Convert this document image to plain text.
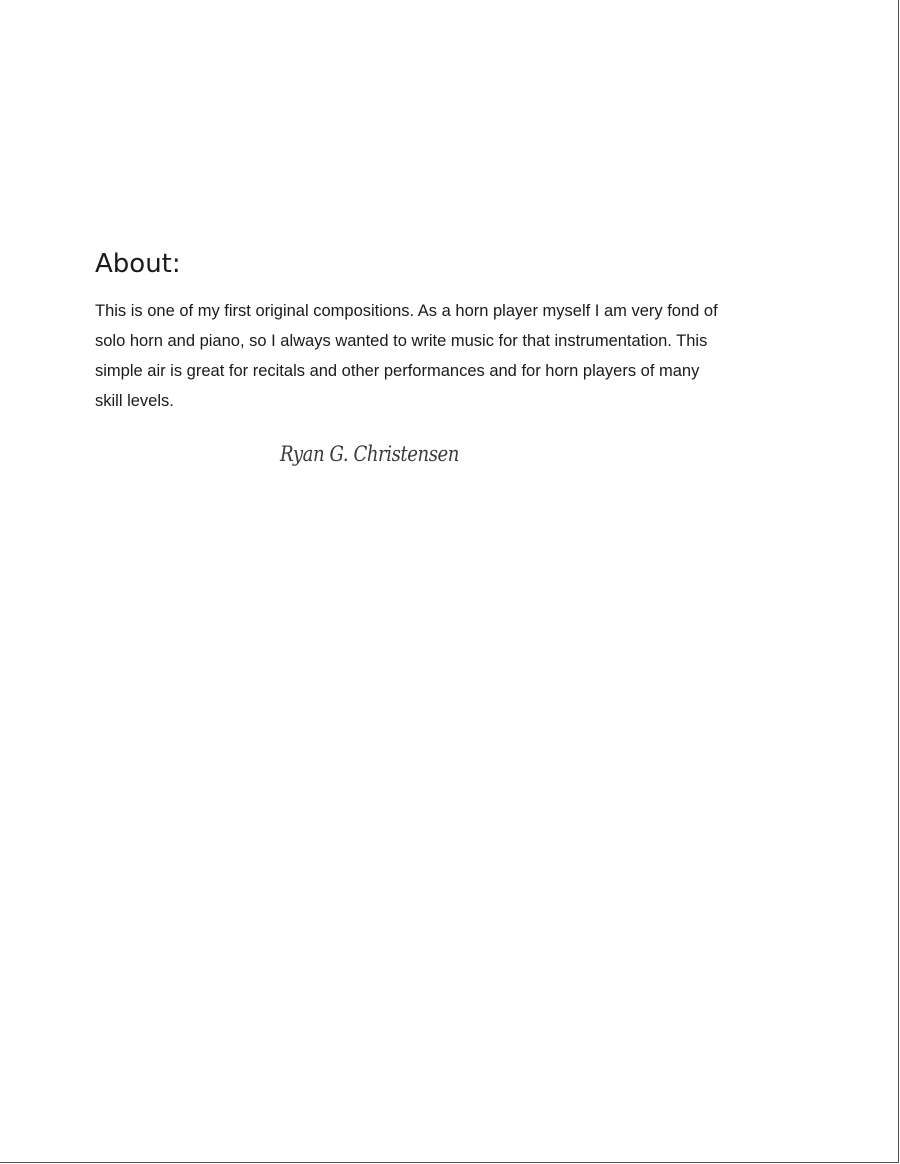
About:
This is one of my first original compositions. As a horn player myself I am very fond of
solo horn and piano, so I always wanted to write music for that instrumentation. This
simple air is great for recitals and other performances and for horn players of many
skill levels.
Ryan G. Christensen
